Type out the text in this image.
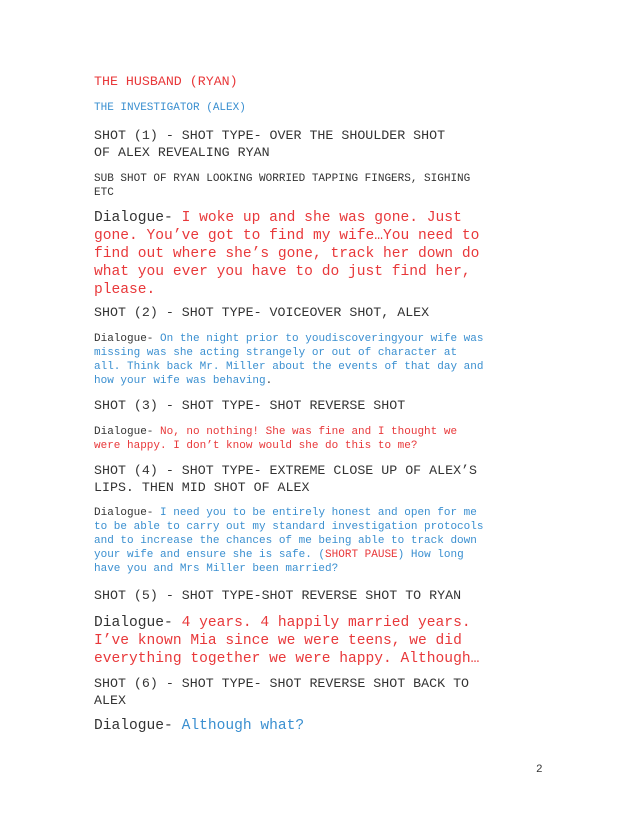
THE HUSBAND (RYAN)
THE INVESTIGATOR (ALEX)
SHOT (1) - SHOT TYPE- OVER THE SHOULDER SHOT
OF ALEX REVEALING RYAN
SUB SHOT OF RYAN LOOKING WORRIED TAPPING FINGERS, SIGHING
ETC
Dialogue- I woke up and she was gone. Just
gone. You’ve got to find my wife…You need to
find out where she’s gone, track her down do
what you ever you have to do just find her,
please.
SHOT (2) - SHOT TYPE- VOICEOVER SHOT, ALEX
Dialogue- On the night prior to youdiscoveringyour wife was
missing was she acting strangely or out of character at
all. Think back Mr. Miller about the events of that day and
how your wife was behaving.
SHOT (3) - SHOT TYPE- SHOT REVERSE SHOT
Dialogue- No, no nothing! She was fine and I thought we
were happy. I don’t know would she do this to me?
SHOT (4) - SHOT TYPE- EXTREME CLOSE UP OF ALEX’S
LIPS. THEN MID SHOT OF ALEX
Dialogue- I need you to be entirely honest and open for me
to be able to carry out my standard investigation protocols
and to increase the chances of me being able to track down
your wife and ensure she is safe. (SHORT PAUSE) How long
have you and Mrs Miller been married?
SHOT (5) - SHOT TYPE-SHOT REVERSE SHOT TO RYAN
Dialogue- 4 years. 4 happily married years.
I’ve known Mia since we were teens, we did
everything together we were happy. Although…
SHOT (6) - SHOT TYPE- SHOT REVERSE SHOT BACK TO
ALEX
Dialogue- Although what?
2
